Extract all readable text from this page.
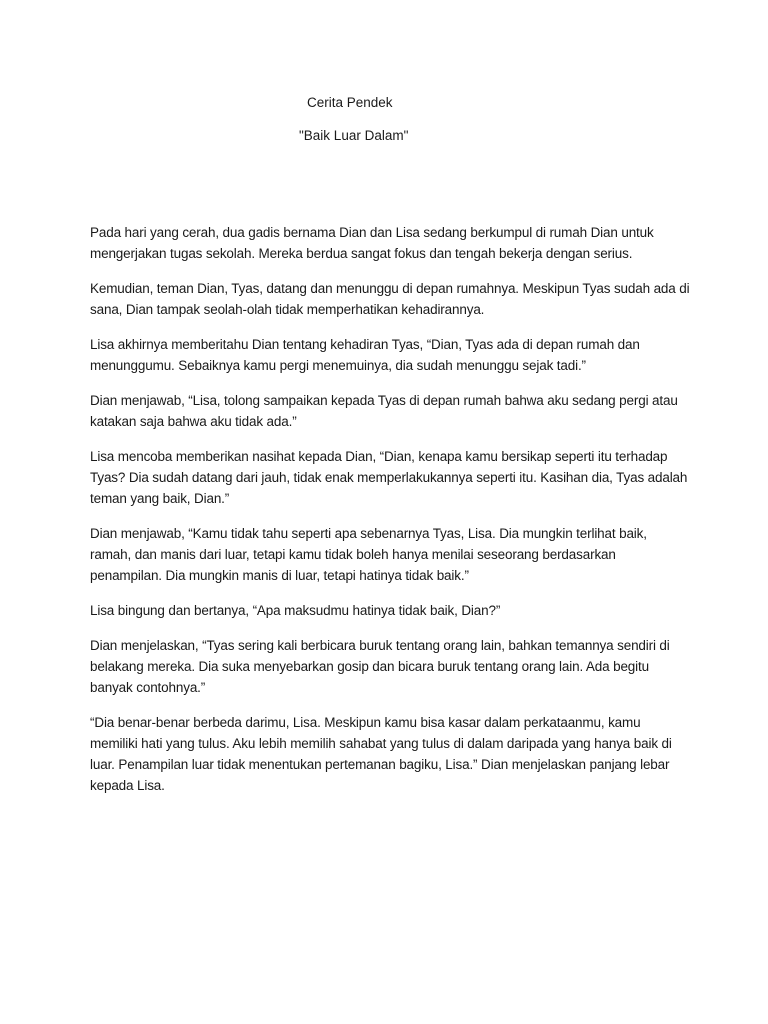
Cerita Pendek
"Baik Luar Dalam"

Pada hari yang cerah, dua gadis bernama Dian dan Lisa sedang berkumpul di rumah Dian untuk
mengerjakan tugas sekolah. Mereka berdua sangat fokus dan tengah bekerja dengan serius.

Kemudian, teman Dian, Tyas, datang dan menunggu di depan rumahnya. Meskipun Tyas sudah ada di
sana, Dian tampak seolah-olah tidak memperhatikan kehadirannya.

Lisa akhirnya memberitahu Dian tentang kehadiran Tyas, “Dian, Tyas ada di depan rumah dan
menunggumu. Sebaiknya kamu pergi menemuinya, dia sudah menunggu sejak tadi.”

Dian menjawab, “Lisa, tolong sampaikan kepada Tyas di depan rumah bahwa aku sedang pergi atau
katakan saja bahwa aku tidak ada.”

Lisa mencoba memberikan nasihat kepada Dian, “Dian, kenapa kamu bersikap seperti itu terhadap
Tyas? Dia sudah datang dari jauh, tidak enak memperlakukannya seperti itu. Kasihan dia, Tyas adalah
teman yang baik, Dian.”

Dian menjawab, “Kamu tidak tahu seperti apa sebenarnya Tyas, Lisa. Dia mungkin terlihat baik,
ramah, dan manis dari luar, tetapi kamu tidak boleh hanya menilai seseorang berdasarkan
penampilan. Dia mungkin manis di luar, tetapi hatinya tidak baik.”

Lisa bingung dan bertanya, “Apa maksudmu hatinya tidak baik, Dian?”

Dian menjelaskan, “Tyas sering kali berbicara buruk tentang orang lain, bahkan temannya sendiri di
belakang mereka. Dia suka menyebarkan gosip dan bicara buruk tentang orang lain. Ada begitu
banyak contohnya.”

“Dia benar-benar berbeda darimu, Lisa. Meskipun kamu bisa kasar dalam perkataanmu, kamu
memiliki hati yang tulus. Aku lebih memilih sahabat yang tulus di dalam daripada yang hanya baik di
luar. Penampilan luar tidak menentukan pertemanan bagiku, Lisa.” Dian menjelaskan panjang lebar
kepada Lisa.
